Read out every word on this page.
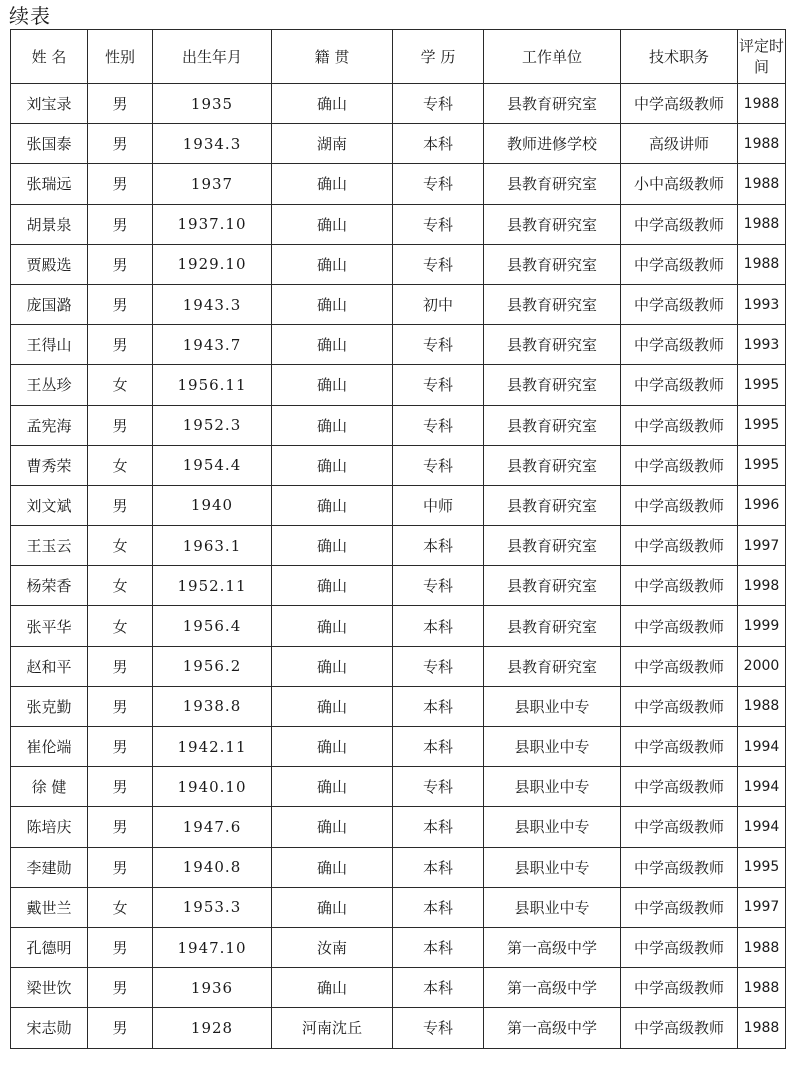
续表
姓 名	性别	出生年月	籍 贯	学 历	工作单位	技术职务	评定时间
刘宝录	男	1935	确山	专科	县教育研究室	中学高级教师	1988
张国泰	男	1934.3	湖南	本科	教师进修学校	高级讲师	1988
张瑞远	男	1937	确山	专科	县教育研究室	小中高级教师	1988
胡景泉	男	1937.10	确山	专科	县教育研究室	中学高级教师	1988
贾殿选	男	1929.10	确山	专科	县教育研究室	中学高级教师	1988
庞国潞	男	1943.3	确山	初中	县教育研究室	中学高级教师	1993
王得山	男	1943.7	确山	专科	县教育研究室	中学高级教师	1993
王丛珍	女	1956.11	确山	专科	县教育研究室	中学高级教师	1995
孟宪海	男	1952.3	确山	专科	县教育研究室	中学高级教师	1995
曹秀荣	女	1954.4	确山	专科	县教育研究室	中学高级教师	1995
刘文斌	男	1940	确山	中师	县教育研究室	中学高级教师	1996
王玉云	女	1963.1	确山	本科	县教育研究室	中学高级教师	1997
杨荣香	女	1952.11	确山	专科	县教育研究室	中学高级教师	1998
张平华	女	1956.4	确山	本科	县教育研究室	中学高级教师	1999
赵和平	男	1956.2	确山	专科	县教育研究室	中学高级教师	2000
张克勤	男	1938.8	确山	本科	县职业中专	中学高级教师	1988
崔伦端	男	1942.11	确山	本科	县职业中专	中学高级教师	1994
徐 健	男	1940.10	确山	专科	县职业中专	中学高级教师	1994
陈培庆	男	1947.6	确山	本科	县职业中专	中学高级教师	1994
李建勋	男	1940.8	确山	本科	县职业中专	中学高级教师	1995
戴世兰	女	1953.3	确山	本科	县职业中专	中学高级教师	1997
孔德明	男	1947.10	汝南	本科	第一高级中学	中学高级教师	1988
梁世饮	男	1936	确山	本科	第一高级中学	中学高级教师	1988
宋志勋	男	1928	河南沈丘	专科	第一高级中学	中学高级教师	1988
